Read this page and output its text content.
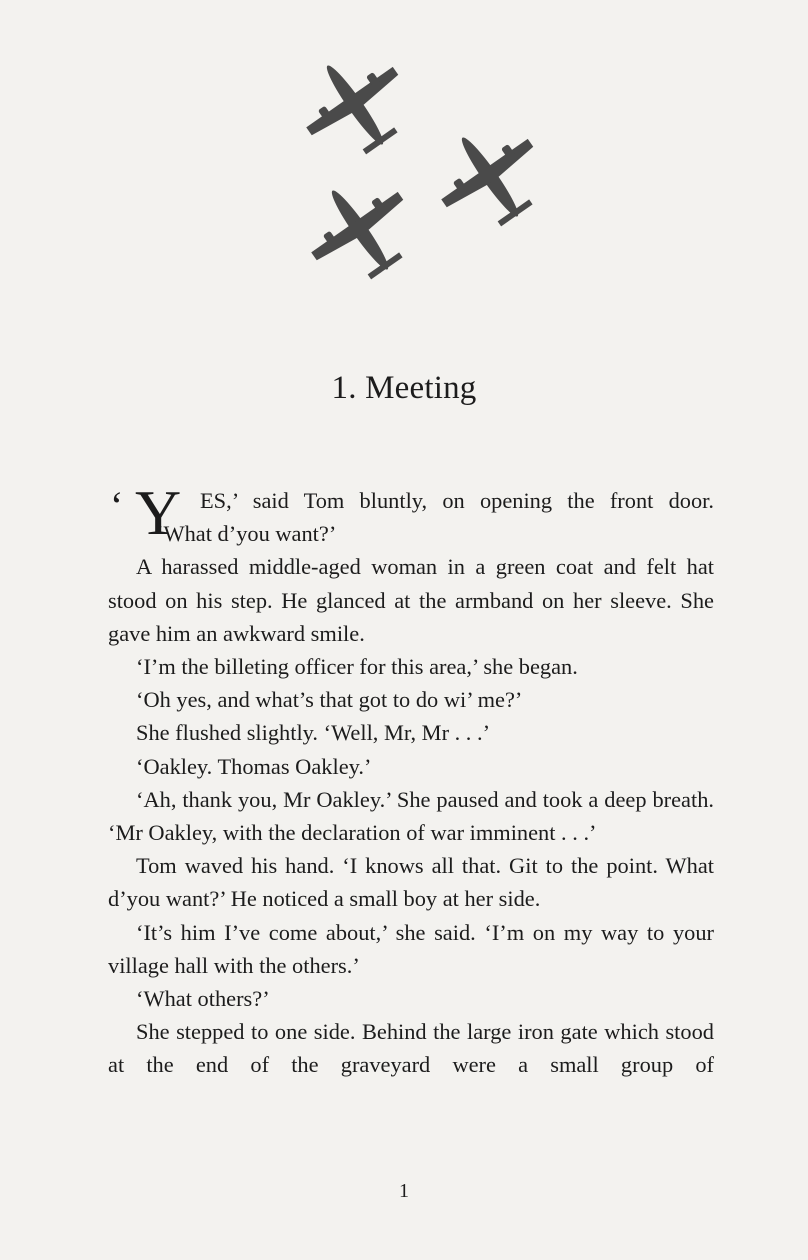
1. Meeting
‘ Y ES,’ said Tom bluntly, on opening the front door.
‘What d’you want?’

A harassed middle-aged woman in a green coat and felt hat stood on his step. He glanced at the armband on her sleeve. She gave him an awkward smile.

‘I’m the billeting officer for this area,’ she began.

‘Oh yes, and what’s that got to do wi’ me?’

She flushed slightly. ‘Well, Mr, Mr . . .’

‘Oakley. Thomas Oakley.’

‘Ah, thank you, Mr Oakley.’ She paused and took a deep breath. ‘Mr Oakley, with the declaration of war imminent . . .’

Tom waved his hand. ‘I knows all that. Git to the point. What d’you want?’ He noticed a small boy at her side.

‘It’s him I’ve come about,’ she said. ‘I’m on my way to your village hall with the others.’

‘What others?’

She stepped to one side. Behind the large iron gate which stood at the end of the graveyard were a small group of

1
